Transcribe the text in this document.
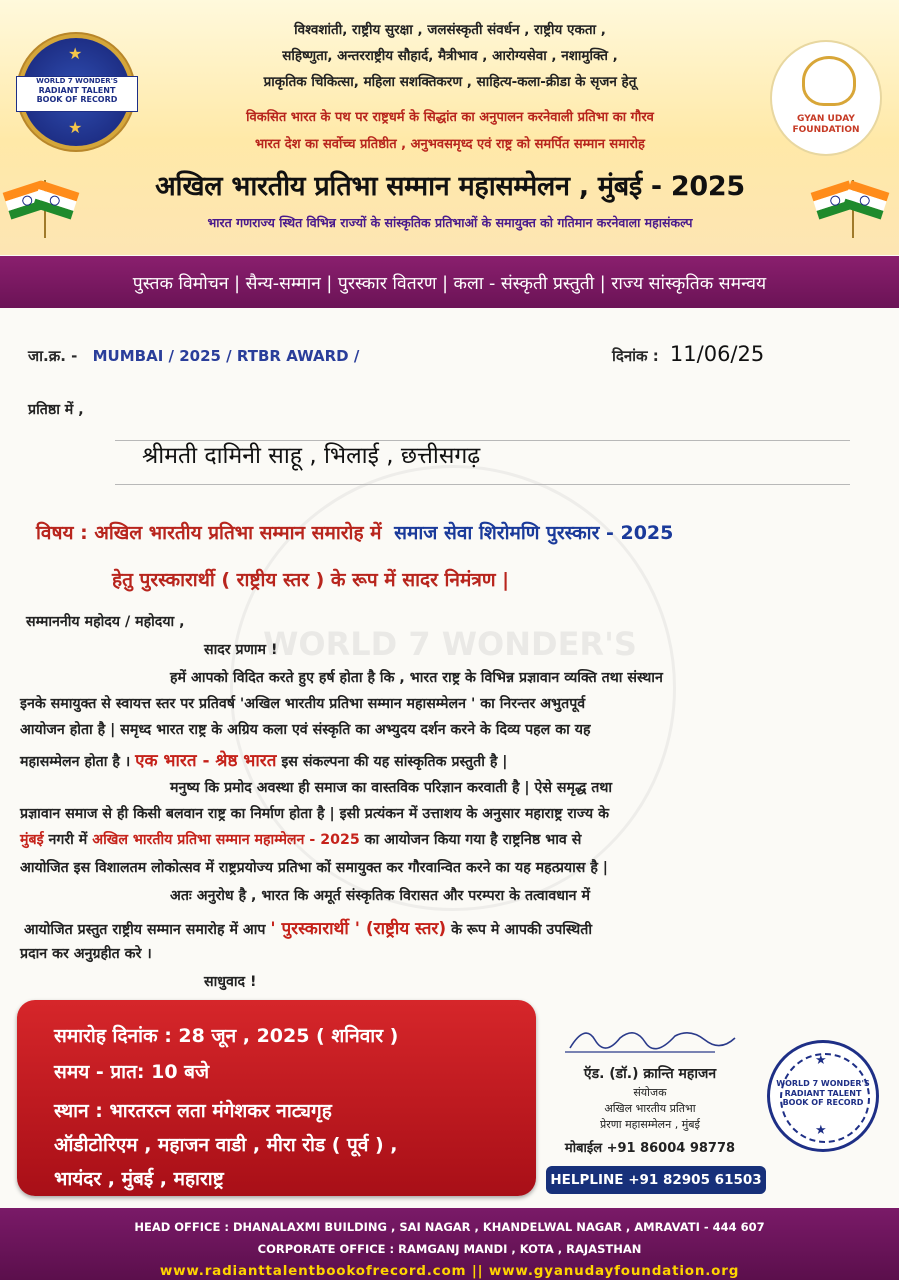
★
★
WORLD 7 WONDER'S
RADIANT TALENT
BOOK OF RECORD
GYAN UDAY
FOUNDATION
विश्वशांती, राष्ट्रीय सुरक्षा , जलसंस्कृती संवर्धन , राष्ट्रीय एकता ,
सहिष्णुता, अन्तरराष्ट्रीय सौहार्द, मैत्रीभाव , आरोग्यसेवा , नशामुक्ति ,
प्राकृतिक चिकित्सा, महिला सशक्तिकरण , साहित्य-कला-क्रीडा के सृजन हेतू
विकसित भारत के पथ पर राष्ट्रधर्म के सिद्धांत का अनुपालन करनेवाली प्रतिभा का गौरव
भारत देश का सर्वोच्च प्रतिष्ठीत , अनुभवसमृध्द एवं राष्ट्र को समर्पित सम्मान समारोह
अखिल भारतीय प्रतिभा सम्मान महासम्मेलन , मुंबई - 2025
भारत गणराज्य स्थित विभिन्न राज्यों के सांस्कृतिक प्रतिभाओं के समायुक्त को गतिमान करनेवाला महासंकल्प
पुस्तक विमोचन | सैन्य-सम्मान | पुरस्कार वितरण | कला - संस्कृती प्रस्तुती | राज्य सांस्कृतिक समन्वय
WORLD 7 WONDER'S
जा.क्र. - MUMBAI / 2025 / RTBR AWARD /	दिनांक : 11/06/25
प्रतिष्ठा में ,
श्रीमती दामिनी साहू , भिलाई , छत्तीसगढ़
विषय : अखिल भारतीय प्रतिभा सम्मान समारोह में समाज सेवा शिरोमणि पुरस्कार - 2025
हेतु पुरस्कारार्थी ( राष्ट्रीय स्तर ) के रूप में सादर निमंत्रण |
सम्माननीय महोदय / महोदया ,
सादर प्रणाम !
हमें आपको विदित करते हुए हर्ष होता है कि , भारत राष्ट्र के विभिन्न प्रज्ञावान व्यक्ति तथा संस्थान
इनके समायुक्त से स्वायत्त स्तर पर प्रतिवर्ष 'अखिल भारतीय प्रतिभा सम्मान महासम्मेलन ' का निरन्तर अभुतपूर्व
आयोजन होता है | समृध्द भारत राष्ट्र के अग्रिय कला एवं संस्कृति का अभ्युदय दर्शन करने के दिव्य पहल का यह
महासम्मेलन होता है । एक भारत - श्रेष्ठ भारत इस संकल्पना की यह सांस्कृतिक प्रस्तुती है |
मनुष्य कि प्रमोद अवस्था ही समाज का वास्तविक परिज्ञान करवाती है | ऐसे समृद्ध तथा
प्रज्ञावान समाज से ही किसी बलवान राष्ट्र का निर्माण होता है | इसी प्रत्यंकन में उत्ताशय के अनुसार महाराष्ट्र राज्य के
मुंबई नगरी में अखिल भारतीय प्रतिभा सम्मान महाम्मेलन - 2025 का आयोजन किया गया है राष्ट्रनिष्ठ भाव से
आयोजित इस विशालतम लोकोत्सव में राष्ट्रप्रयोज्य प्रतिभा कों समायुक्त कर गौरवान्वित करने का यह महत्प्रयास है |
अतः अनुरोध है , भारत कि अमूर्त संस्कृतिक विरासत और परम्परा के तत्वावधान में
आयोजित प्रस्तुत राष्ट्रीय सम्मान समारोह में आप ' पुरस्कारार्थी ' (राष्ट्रीय स्तर) के रूप मे आपकी उपस्थिती
प्रदान कर अनुग्रहीत करे ।
साधुवाद !
समारोह दिनांक : 28 जून , 2025 ( शनिवार )
समय - प्रात: 10 बजे
स्थान : भारतरत्न लता मंगेशकर नाट्यगृह
ऑडीटोरिएम , महाजन वाडी , मीरा रोड ( पूर्व ) ,
भायंदर , मुंबई , महाराष्ट्र
ऍड. (डॉ.) क्रान्ति महाजन
संयोजक
अखिल भारतीय प्रतिभा
प्रेरणा महासम्मेलन , मुंबई
मोबाईल +91 86004 98778
HELPLINE +91 82905 61503
★
★
WORLD 7 WONDER'S
RADIANT TALENT
BOOK OF RECORD
HEAD OFFICE : DHANALAXMI BUILDING , SAI NAGAR , KHANDELWAL NAGAR , AMRAVATI - 444 607
CORPORATE OFFICE : RAMGANJ MANDI , KOTA , RAJASTHAN
www.radianttalentbookofrecord.com || www.gyanudayfoundation.org
